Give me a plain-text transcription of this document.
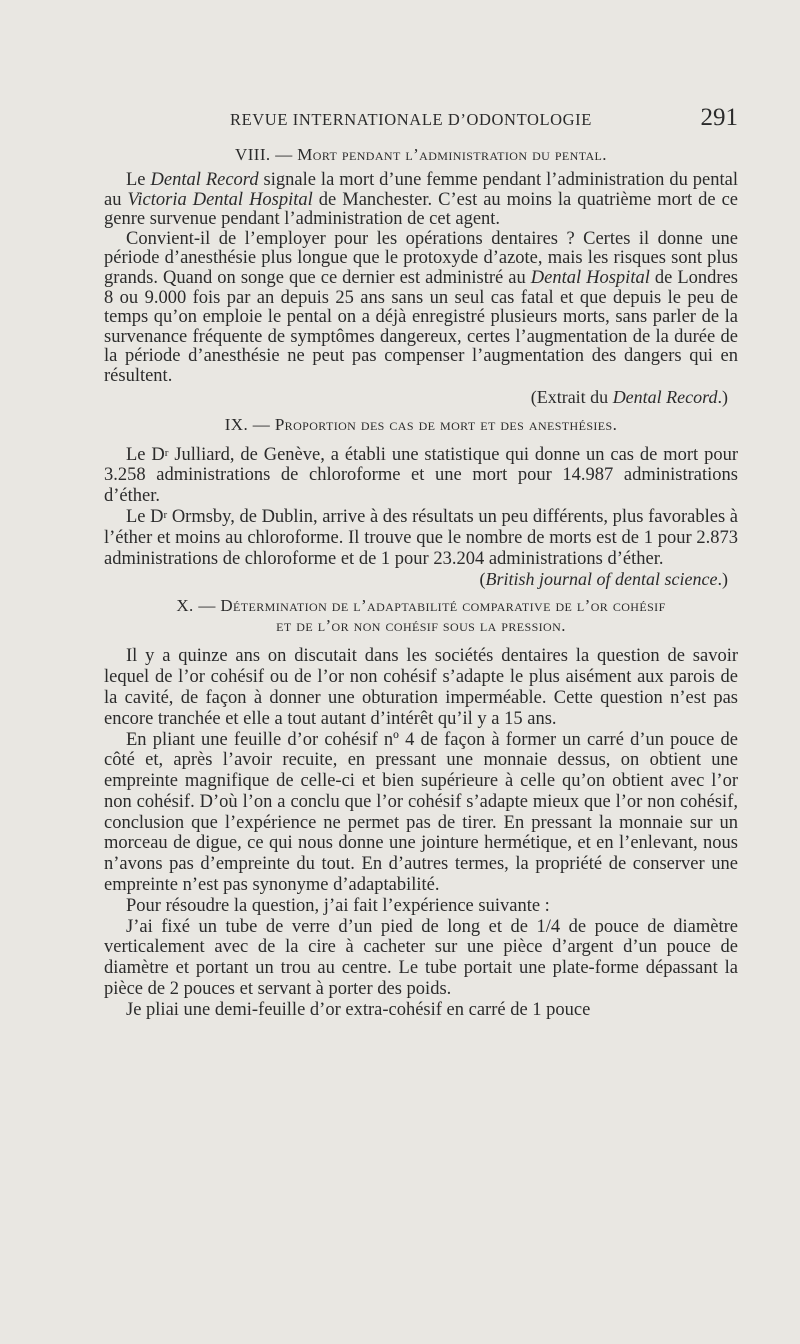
REVUE INTERNATIONALE D’ODONTOLOGIE	291
VIII. — Mort pendant l’administration du pental.

Le Dental Record signale la mort d’une femme pendant l’administration du pental au Victoria Dental Hospital de Manchester. C’est au moins la quatrième mort de ce genre survenue pendant l’administration de cet agent.

Convient-il de l’employer pour les opérations dentaires ? Certes il donne une période d’anesthésie plus longue que le protoxyde d’azote, mais les risques sont plus grands. Quand on songe que ce dernier est administré au Dental Hospital de Londres 8 ou 9.000 fois par an depuis 25 ans sans un seul cas fatal et que depuis le peu de temps qu’on emploie le pental on a déjà enregistré plusieurs morts, sans parler de la survenance fréquente de symptômes dangereux, certes l’augmentation de la durée de la période d’anesthésie ne peut pas compenser l’augmentation des dangers qui en résultent.

(Extrait du Dental Record.)
IX. — Proportion des cas de mort et des anesthésies.

Le $D^r$ Julliard, de Genève, a établi une statistique qui donne un cas de mort pour 3.258 administrations de chloroforme et une mort pour 14.987 administrations d’éther.

Le $D^r$ Ormsby, de Dublin, arrive à des résultats un peu différents, plus favorables à l’éther et moins au chloroforme. Il trouve que le nombre de morts est de 1 pour 2.873 administrations de chloroforme et de 1 pour 23.204 administrations d’éther.

(British journal of dental science.)
X. — Détermination de l’adaptabilité comparative de l’or cohésif
et de l’or non cohésif sous la pression.

Il y a quinze ans on discutait dans les sociétés dentaires la question de savoir lequel de l’or cohésif ou de l’or non cohésif s’adapte le plus aisément aux parois de la cavité, de façon à donner une obturation imperméable. Cette question n’est pas encore tranchée et elle a tout autant d’intérêt qu’il y a 15 ans.

En pliant une feuille d’or cohésif nº 4 de façon à former un carré d’un pouce de côté et, après l’avoir recuite, en pressant une monnaie dessus, on obtient une empreinte magnifique de celle-ci et bien supérieure à celle qu’on obtient avec l’or non cohésif. D’où l’on a conclu que l’or cohésif s’adapte mieux que l’or non cohésif, conclusion que l’expérience ne permet pas de tirer. En pressant la monnaie sur un morceau de digue, ce qui nous donne une jointure hermétique, et en l’enlevant, nous n’avons pas d’empreinte du tout. En d’autres termes, la propriété de conserver une empreinte n’est pas synonyme d’adaptabilité.

Pour résoudre la question, j’ai fait l’expérience suivante :

J’ai fixé un tube de verre d’un pied de long et de 1/4 de pouce de diamètre verticalement avec de la cire à cacheter sur une pièce d’argent d’un pouce de diamètre et portant un trou au centre. Le tube portait une plate-forme dépassant la pièce de 2 pouces et servant à porter des poids.

Je pliai une demi-feuille d’or extra-cohésif en carré de 1 pouce
